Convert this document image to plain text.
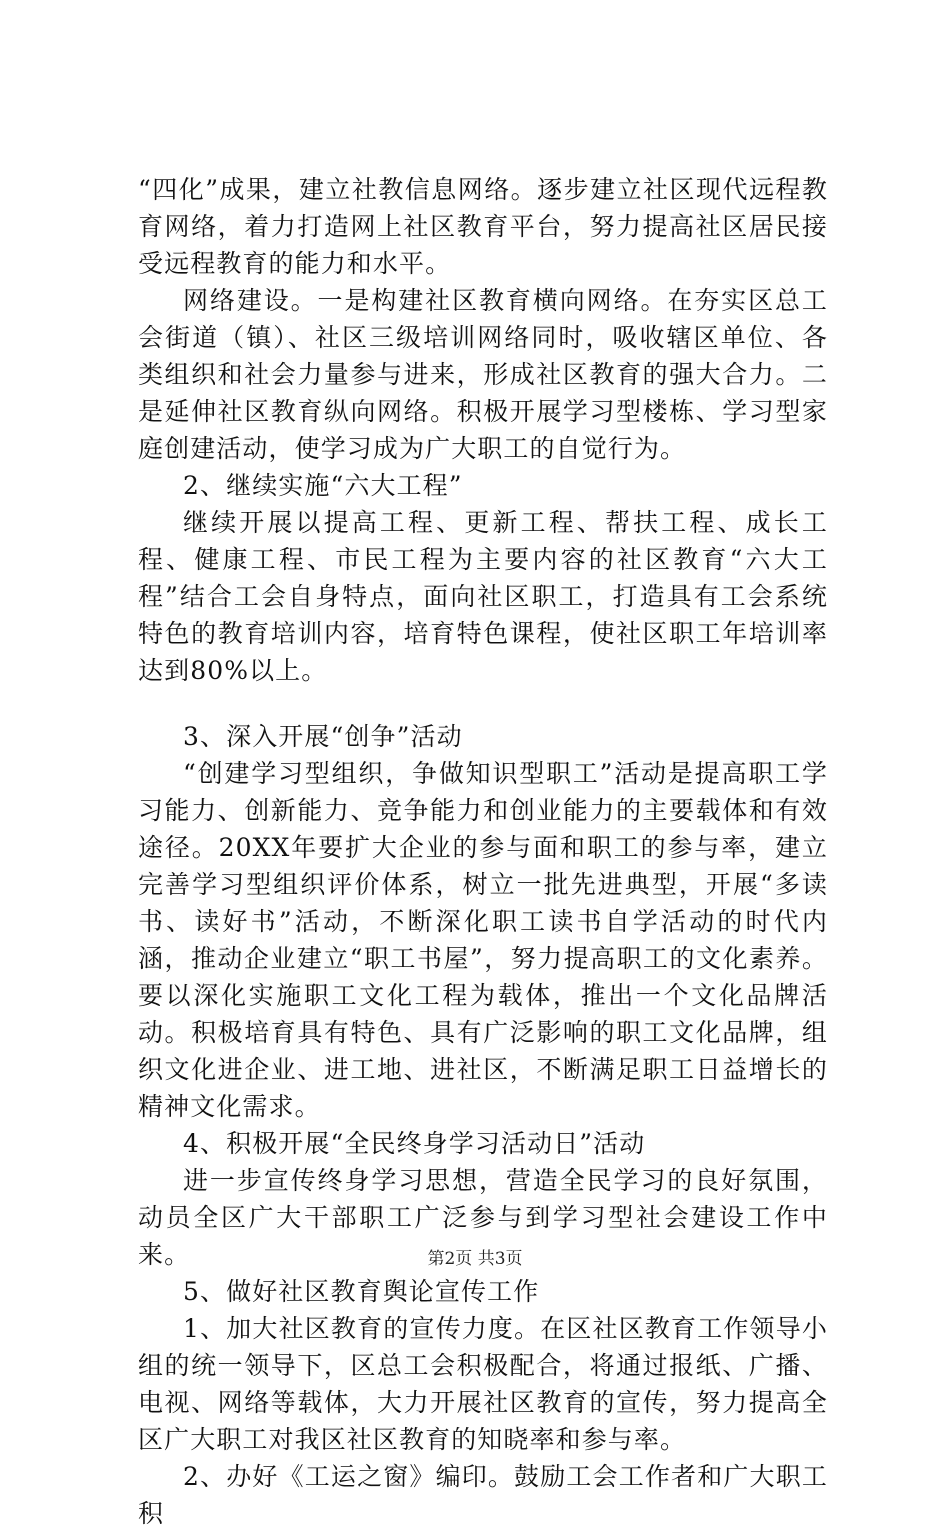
“四化”成果，建立社教信息网络。逐步建立社区现代远程教育网络，着力打造网上社区教育平台，努力提高社区居民接受远程教育的能力和水平。

网络建设。一是构建社区教育横向网络。在夯实区总工会街道（镇）、社区三级培训网络同时，吸收辖区单位、各类组织和社会力量参与进来，形成社区教育的强大合力。二是延伸社区教育纵向网络。积极开展学习型楼栋、学习型家庭创建活动，使学习成为广大职工的自觉行为。

2、继续实施“六大工程”

继续开展以提高工程、更新工程、帮扶工程、成长工程、健康工程、市民工程为主要内容的社区教育“六大工程”结合工会自身特点，面向社区职工，打造具有工会系统特色的教育培训内容，培育特色课程，使社区职工年培训率达到80%以上。

3、深入开展“创争”活动

“创建学习型组织，争做知识型职工”活动是提高职工学习能力、创新能力、竞争能力和创业能力的主要载体和有效途径。20XX年要扩大企业的参与面和职工的参与率，建立完善学习型组织评价体系，树立一批先进典型，开展“多读书、读好书”活动，不断深化职工读书自学活动的时代内涵，推动企业建立“职工书屋”，努力提高职工的文化素养。要以深化实施职工文化工程为载体，推出一个文化品牌活动。积极培育具有特色、具有广泛影响的职工文化品牌，组织文化进企业、进工地、进社区，不断满足职工日益增长的精神文化需求。

4、积极开展“全民终身学习活动日”活动

进一步宣传终身学习思想，营造全民学习的良好氛围，动员全区广大干部职工广泛参与到学习型社会建设工作中来。

5、做好社区教育舆论宣传工作

1、加大社区教育的宣传力度。在区社区教育工作领导小组的统一领导下，区总工会积极配合，将通过报纸、广播、电视、网络等载体，大力开展社区教育的宣传，努力提高全区广大职工对我区社区教育的知晓率和参与率。

2、办好《工运之窗》编印。鼓励工会工作者和广大职工积

第2页 共3页
